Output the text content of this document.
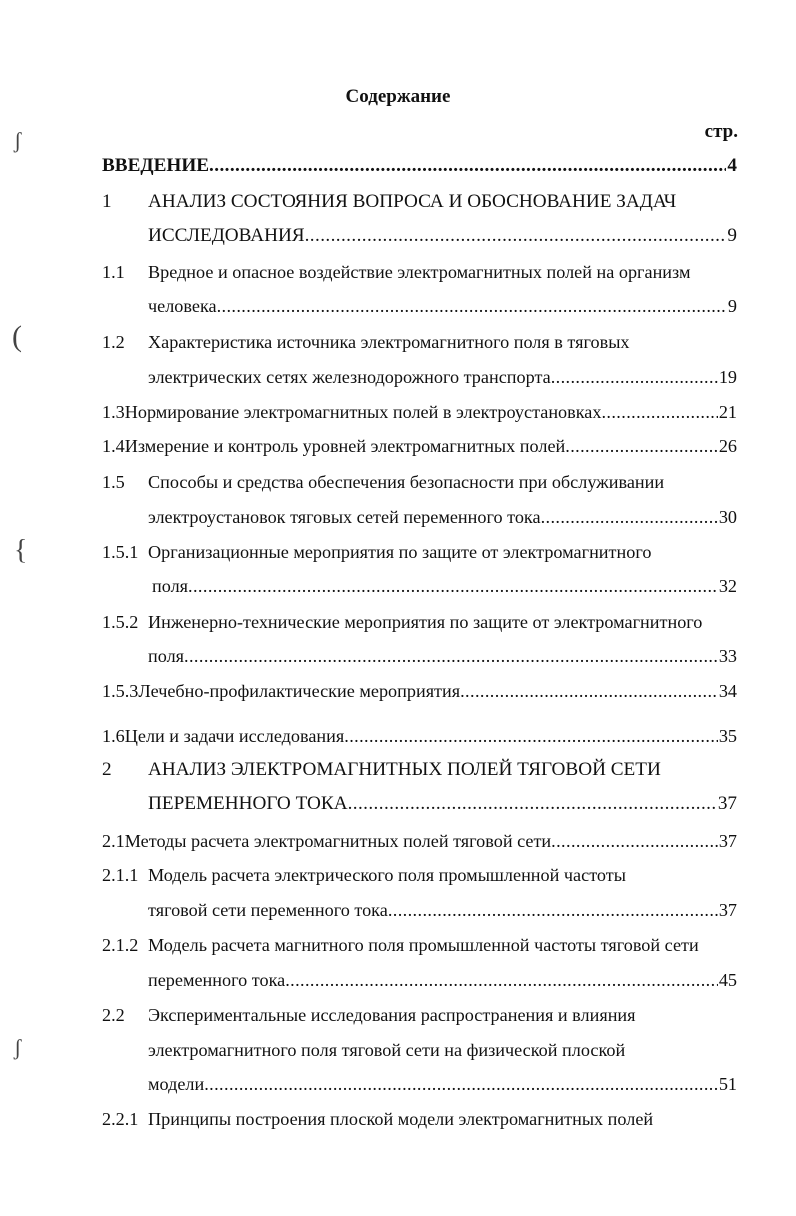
Содержание
стр.
ВВЕДЕНИЕ .....	4
1 АНАЛИЗ СОСТОЯНИЯ ВОПРОСА И ОБОСНОВАНИЕ ЗАДАЧ
ИССЛЕДОВАНИЯ .....	9
1.1 Вредное и опасное воздействие электромагнитных полей на организм
человека .....	9
1.2 Характеристика источника электромагнитного поля в тяговых
электрических сетях железнодорожного транспорта .....	19
1.3 Нормирование электромагнитных полей в электроустановках .....	21
1.4 Измерение и контроль уровней электромагнитных полей .....	26
1.5 Способы и средства обеспечения безопасности при обслуживании
электроустановок тяговых сетей переменного тока .....	30
1.5.1 Организационные мероприятия по защите от электромагнитного
поля .....	32
1.5.2 Инженерно-технические мероприятия по защите от электромагнитного
поля .....	33
1.5.3 Лечебно-профилактические мероприятия .....	34
1.6 Цели и задачи исследования .....	35
2 АНАЛИЗ ЭЛЕКТРОМАГНИТНЫХ ПОЛЕЙ ТЯГОВОЙ СЕТИ
ПЕРЕМЕННОГО ТОКА .....	37
2.1 Методы расчета электромагнитных полей тяговой сети .....	37
2.1.1 Модель расчета электрического поля промышленной частоты
тяговой сети переменного тока .....	37
2.1.2 Модель расчета магнитного поля промышленной частоты тяговой сети
переменного тока .....	45
2.2 Экспериментальные исследования распространения и влияния
электромагнитного поля тяговой сети на физической плоской
модели .....	51
2.2.1 Принципы построения плоской модели электромагнитных полей
ʃ
(
{
ʃ
